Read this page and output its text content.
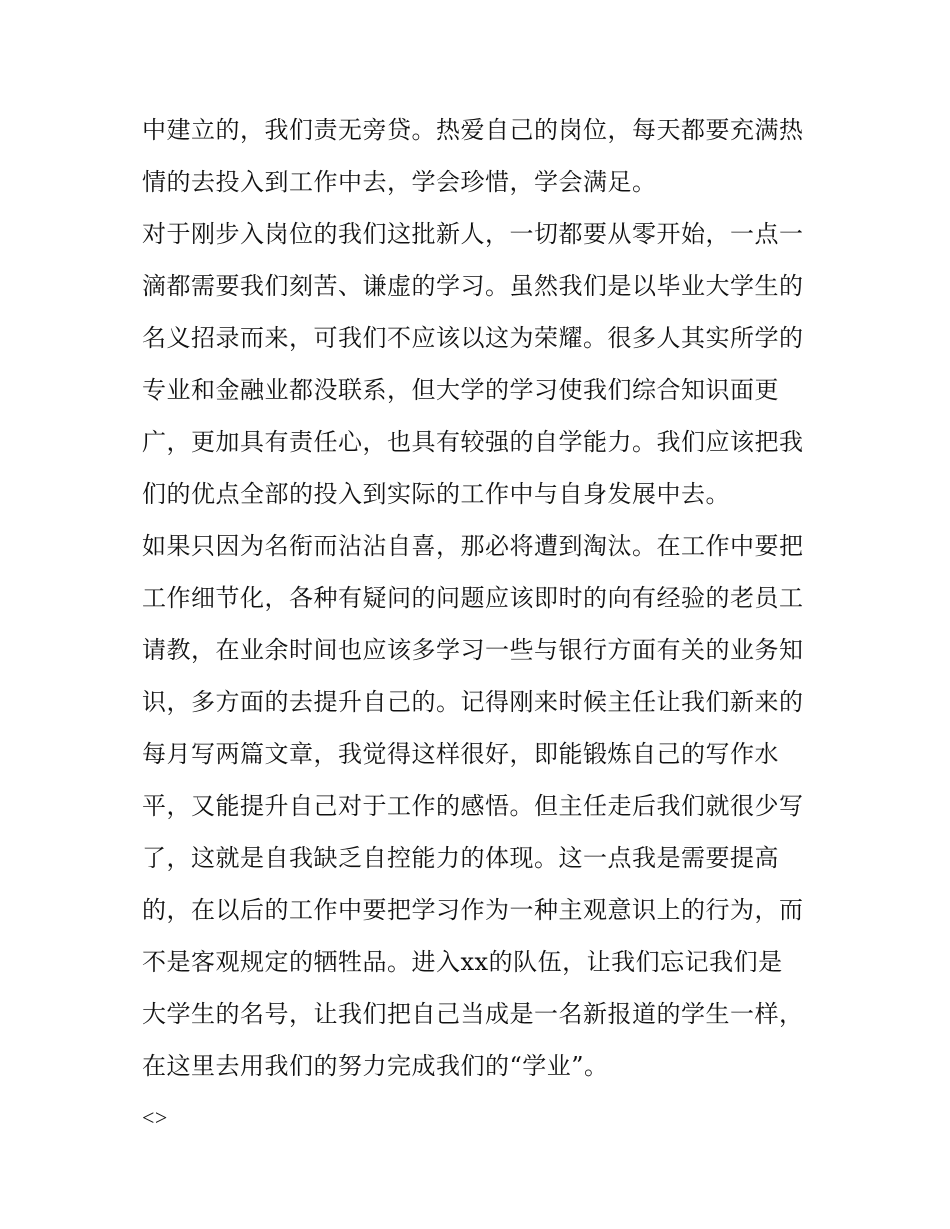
中建立的，我们责无旁贷。热爱自己的岗位，每天都要充满热
情的去投入到工作中去，学会珍惜，学会满足。
对于刚步入岗位的我们这批新人，一切都要从零开始，一点一
滴都需要我们刻苦、谦虚的学习。虽然我们是以毕业大学生的
名义招录而来，可我们不应该以这为荣耀。很多人其实所学的
专业和金融业都没联系，但大学的学习使我们综合知识面更
广，更加具有责任心，也具有较强的自学能力。我们应该把我
们的优点全部的投入到实际的工作中与自身发展中去。
如果只因为名衔而沾沾自喜，那必将遭到淘汰。在工作中要把
工作细节化，各种有疑问的问题应该即时的向有经验的老员工
请教，在业余时间也应该多学习一些与银行方面有关的业务知
识，多方面的去提升自己的。记得刚来时候主任让我们新来的
每月写两篇文章，我觉得这样很好，即能锻炼自己的写作水
平，又能提升自己对于工作的感悟。但主任走后我们就很少写
了，这就是自我缺乏自控能力的体现。这一点我是需要提高
的，在以后的工作中要把学习作为一种主观意识上的行为，而
不是客观规定的牺牲品。进入xx的队伍，让我们忘记我们是
大学生的名号，让我们把自己当成是一名新报道的学生一样，
在这里去用我们的努力完成我们的“学业”。
<>
